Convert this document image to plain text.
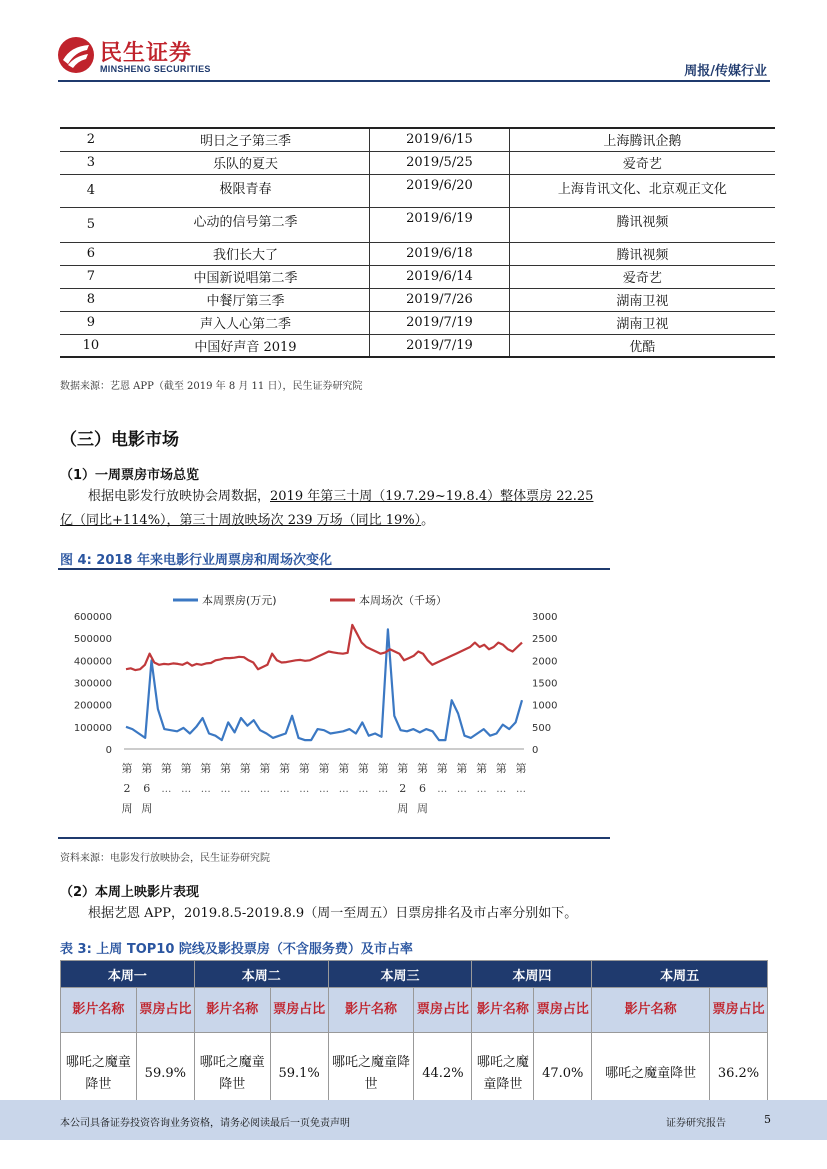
民生证券
MINSHENG SECURITIES	周报/传媒行业
2	明日之子第三季	2019/6/15	上海腾讯企鹅
3	乐队的夏天	2019/5/25	爱奇艺
4	极限青春	2019/6/20	上海肯讯文化、北京观正文化
5	心动的信号第二季	2019/6/19	腾讯视频
6	我们长大了	2019/6/18	腾讯视频
7	中国新说唱第二季	2019/6/14	爱奇艺
8	中餐厅第三季	2019/7/26	湖南卫视
9	声入人心第二季	2019/7/19	湖南卫视
10	中国好声音 2019	2019/7/19	优酷
数据来源：艺恩 APP（截至 2019 年 8 月 11 日），民生证券研究院
（三）电影市场
（1）一周票房市场总览
根据电影发行放映协会周数据，2019 年第三十周（19.7.29~19.8.4）整体票房 22.25
亿（同比+114%），第三十周放映场次 239 万场（同比 19%）。
图 4: 2018 年来电影行业周票房和周场次变化
本周票房(万元)	本周场次（千场）
600000
500000
400000
300000
200000
100000
0
3000
2500
2000
1500
1000
500
0
第
2
周
第
6
周
第
…
第
…
第
…
第
…
第
…
第
…
第
…
第
…
第
…
第
…
第
…
第
…
第
2
周
第
6
周
第
…
第
…
第
…
第
…
第
…
资料来源：电影发行放映协会，民生证券研究院
（2）本周上映影片表现
根据艺恩 APP，2019.8.5-2019.8.9（周一至周五）日票房排名及市占率分别如下。
表 3: 上周 TOP10 院线及影投票房（不含服务费）及市占率
本周一		本周二		本周三		本周四		本周五	
影片名称	票房占比	影片名称	票房占比	影片名称	票房占比	影片名称	票房占比	影片名称	票房占比
哪吒之魔童降世	59.9%	哪吒之魔童降世	59.1%	哪吒之魔童降世	44.2%	哪吒之魔童降世	47.0%	哪吒之魔童降世	36.2%
本公司具备证券投资咨询业务资格，请务必阅读最后一页免责声明	证券研究报告	5
